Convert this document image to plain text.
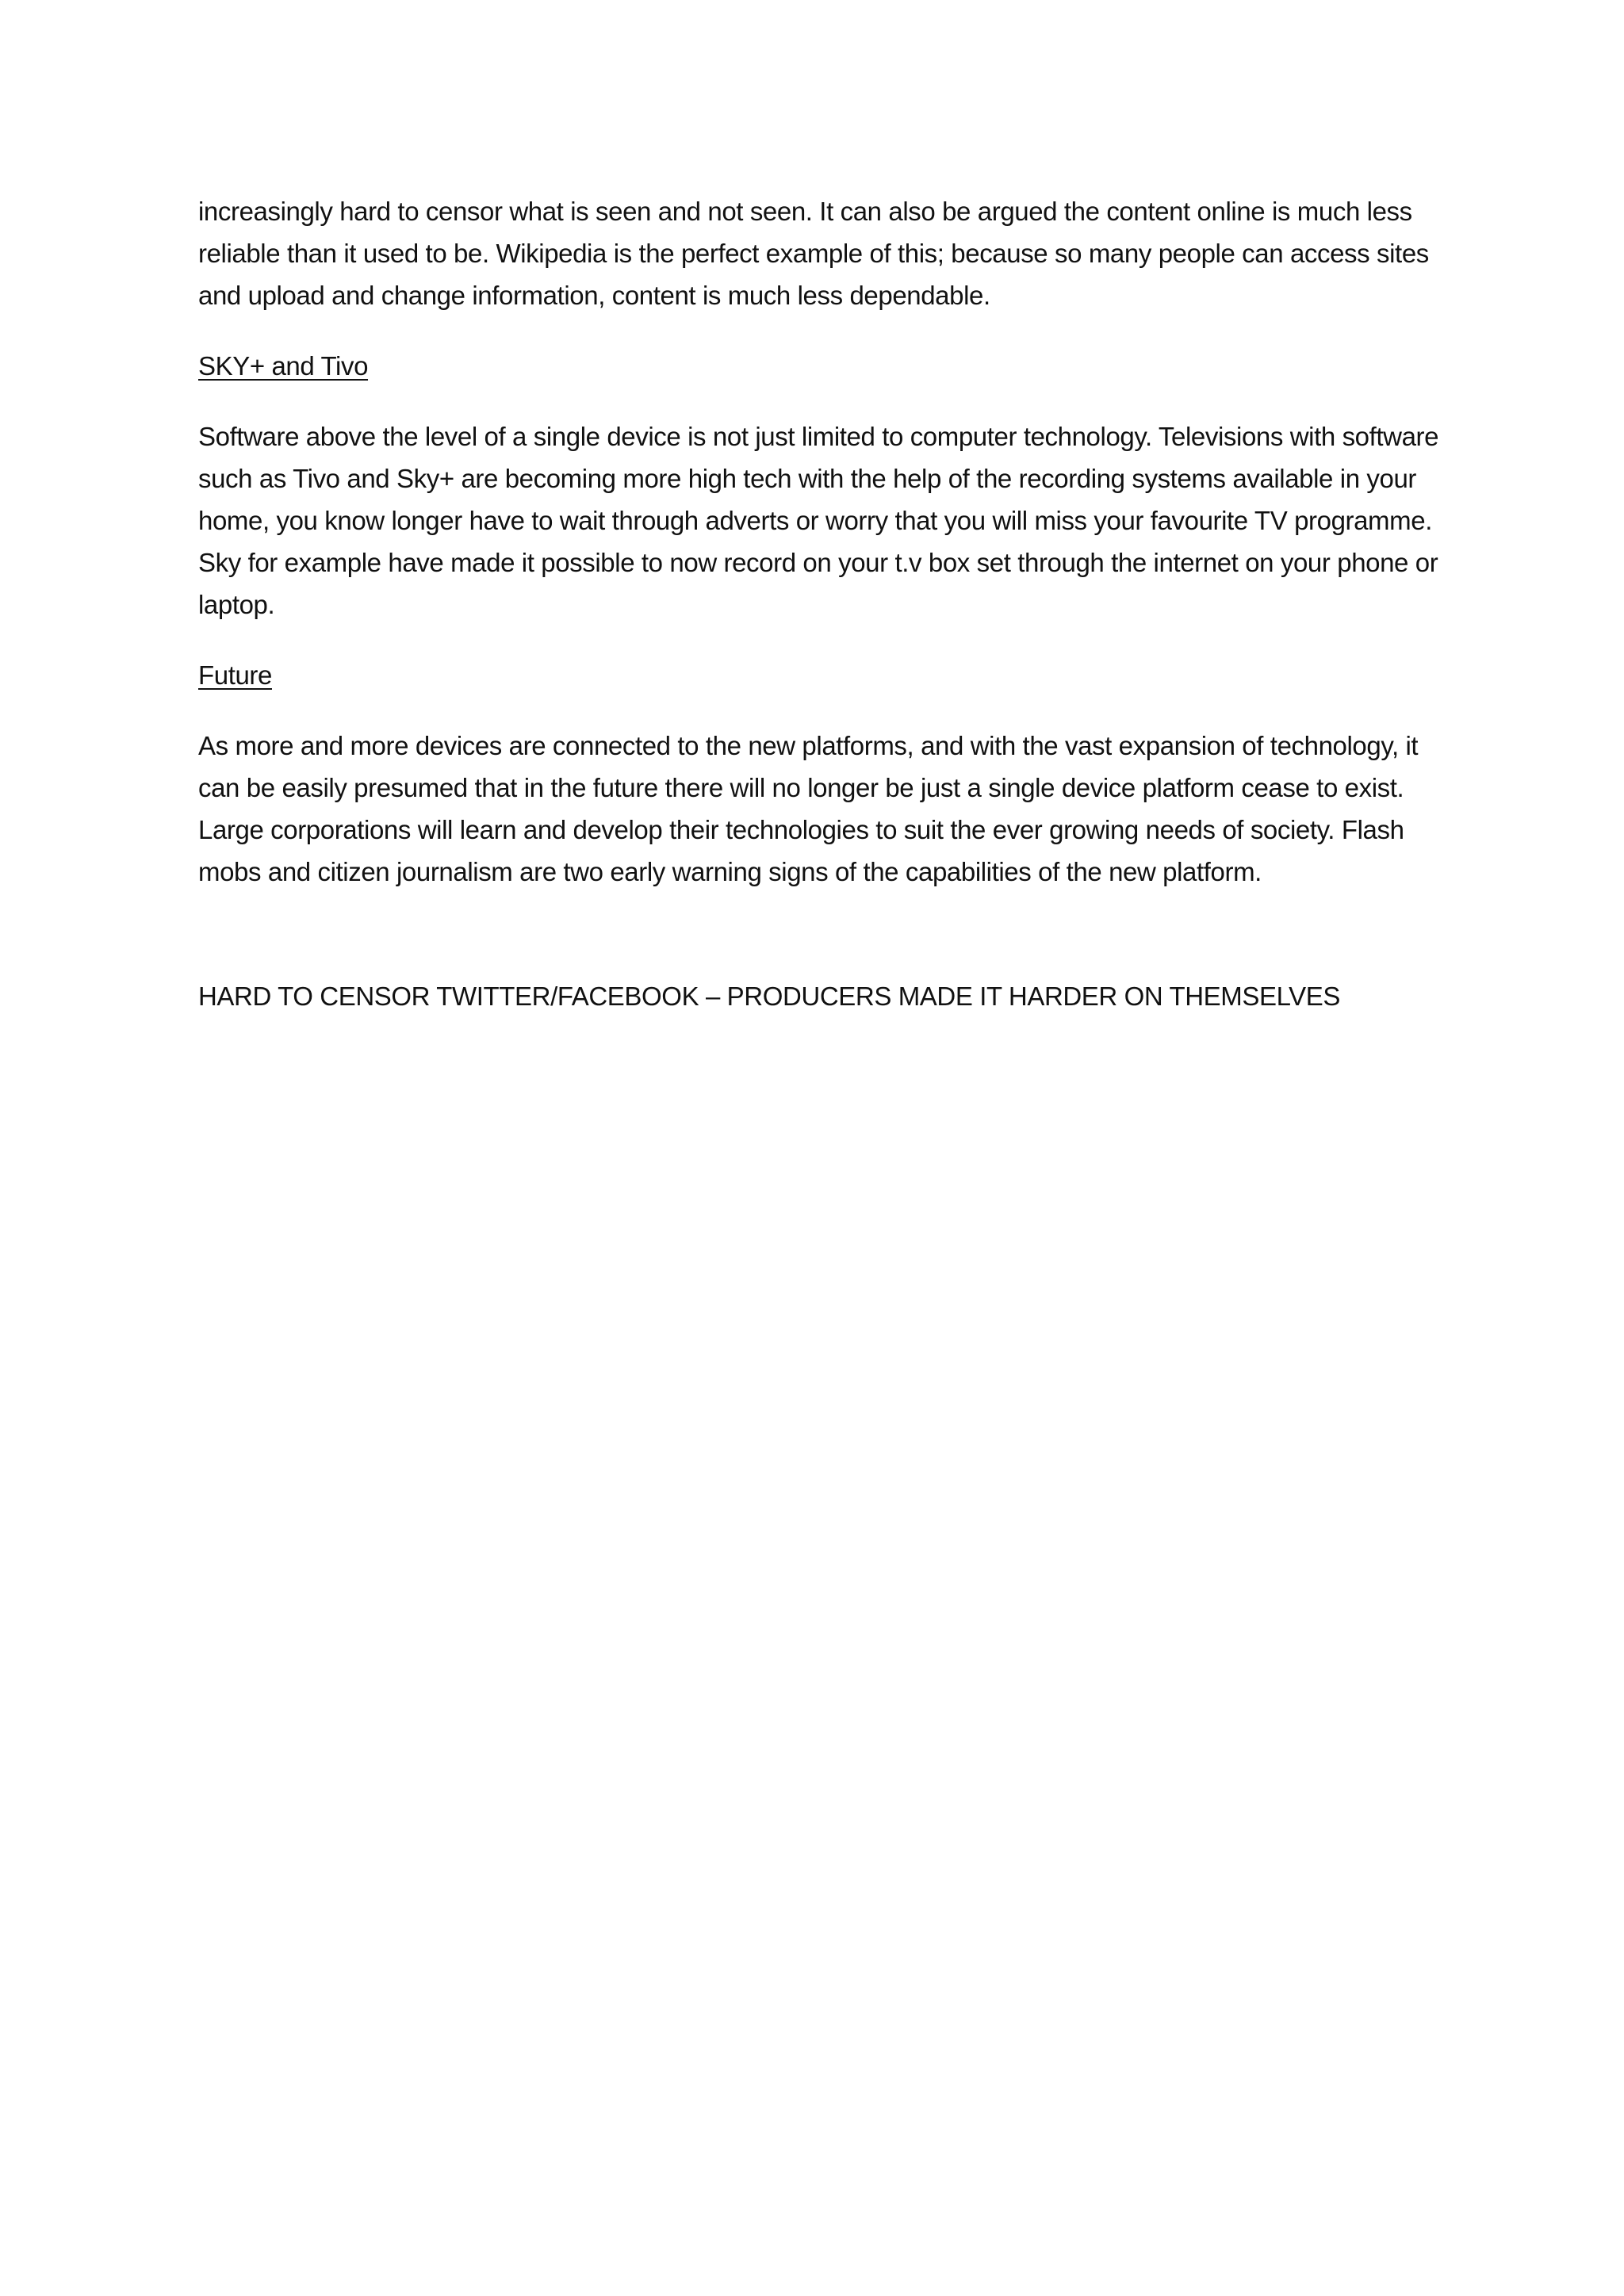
increasingly hard to censor what is seen and not seen. It can also be argued the content online is much less reliable than it used to be. Wikipedia is the perfect example of this; because so many people can access sites and upload and change information, content is much less dependable.

SKY+ and Tivo

Software above the level of a single device is not just limited to computer technology. Televisions with software such as Tivo and Sky+ are becoming more high tech with the help of the recording systems available in your home, you know longer have to wait through adverts or worry that you will miss your favourite TV programme. Sky for example have made it possible to now record on your t.v box set through the internet on your phone or laptop.

Future

As more and more devices are connected to the new platforms, and with the vast expansion of technology, it can be easily presumed that in the future there will no longer be just a single device platform cease to exist. Large corporations will learn and develop their technologies to suit the ever growing needs of society. Flash mobs and citizen journalism are two early warning signs of the capabilities of the new platform.

HARD TO CENSOR TWITTER/FACEBOOK – PRODUCERS MADE IT HARDER ON THEMSELVES
